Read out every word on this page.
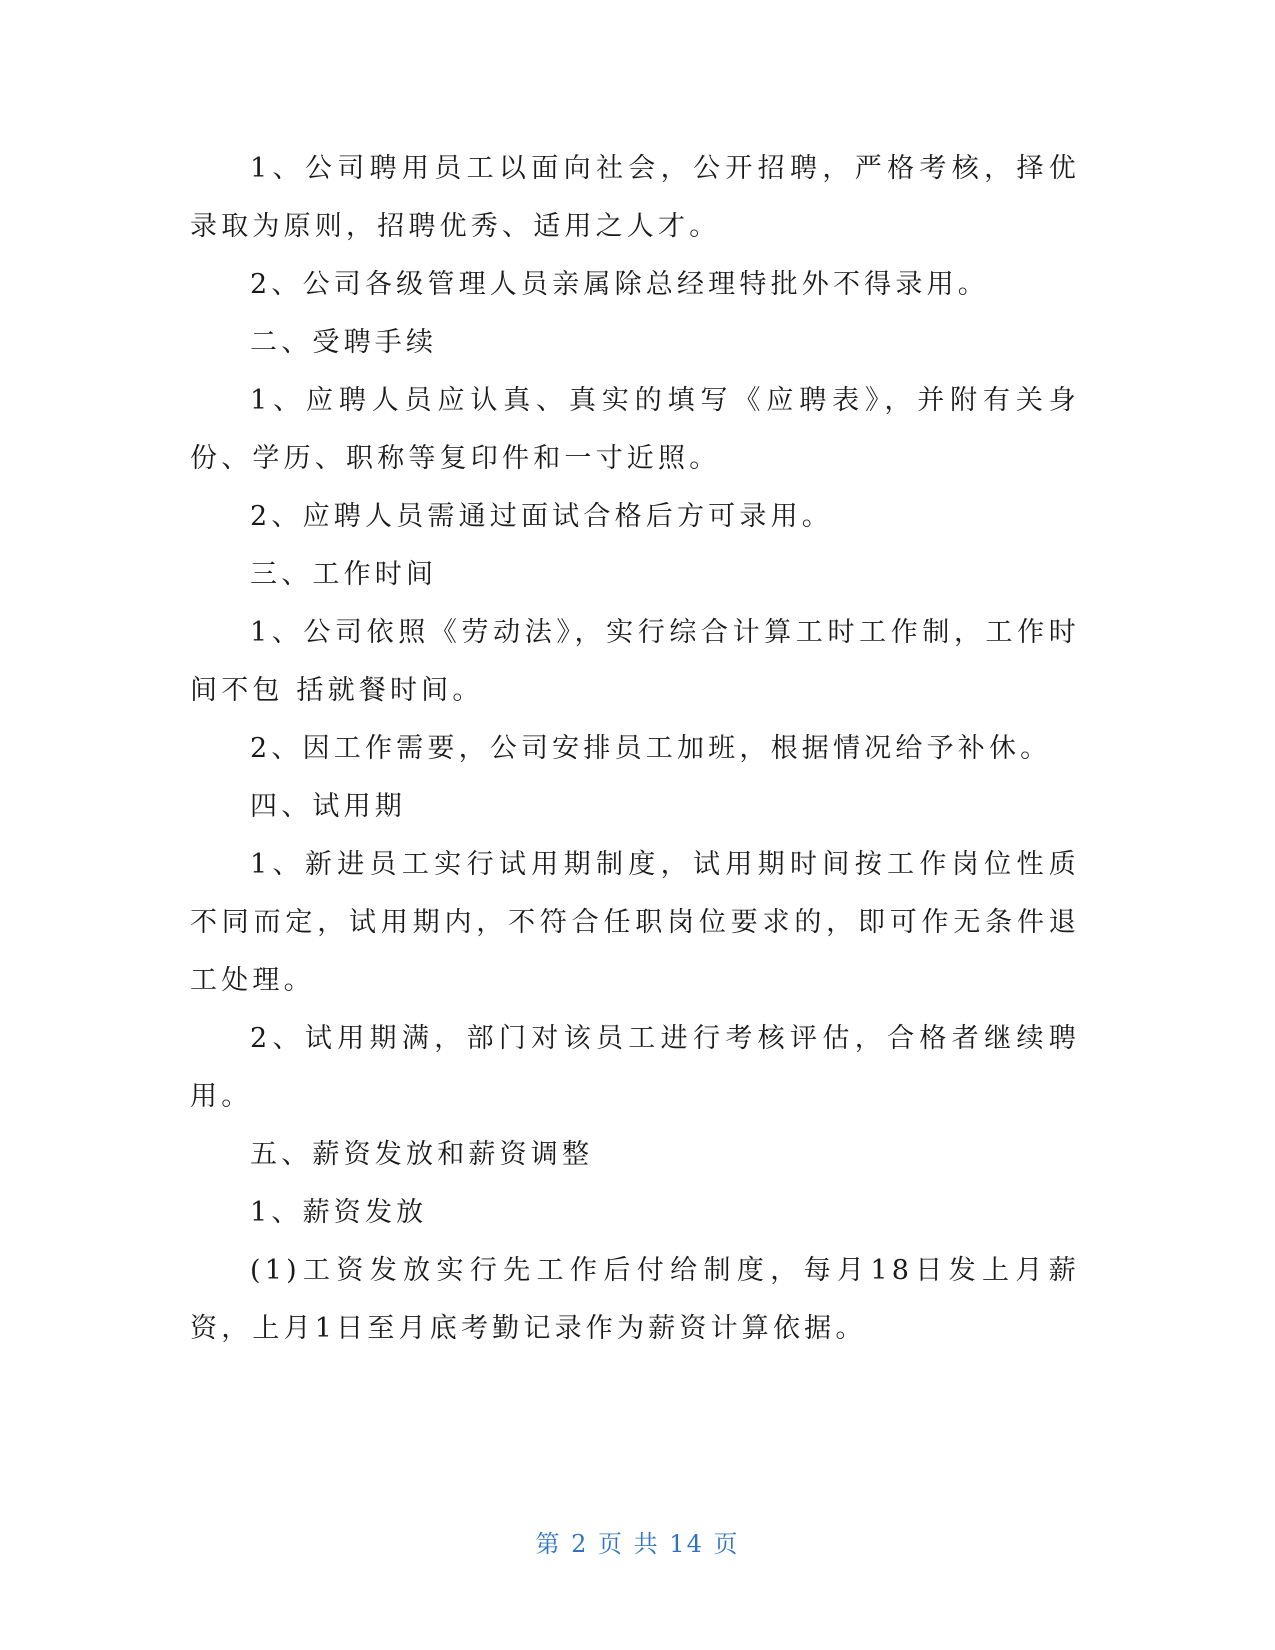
1、公司聘用员工以面向社会，公开招聘，严格考核，择优录取为原则，招聘优秀、适用之人才。

2、公司各级管理人员亲属除总经理特批外不得录用。

二、受聘手续

1、应聘人员应认真、真实的填写《应聘表》，并附有关身份、学历、职称等复印件和一寸近照。

2、应聘人员需通过面试合格后方可录用。

三、工作时间

1、公司依照《劳动法》，实行综合计算工时工作制，工作时间不包 括就餐时间。

2、因工作需要，公司安排员工加班，根据情况给予补休。

四、试用期

1、新进员工实行试用期制度，试用期时间按工作岗位性质不同而定，试用期内，不符合任职岗位要求的，即可作无条件退工处理。

2、试用期满，部门对该员工进行考核评估，合格者继续聘用。

五、薪资发放和薪资调整

1、薪资发放

(1)工资发放实行先工作后付给制度，每月18日发上月薪资，上月1日至月底考勤记录作为薪资计算依据。

第 2 页 共 14 页
